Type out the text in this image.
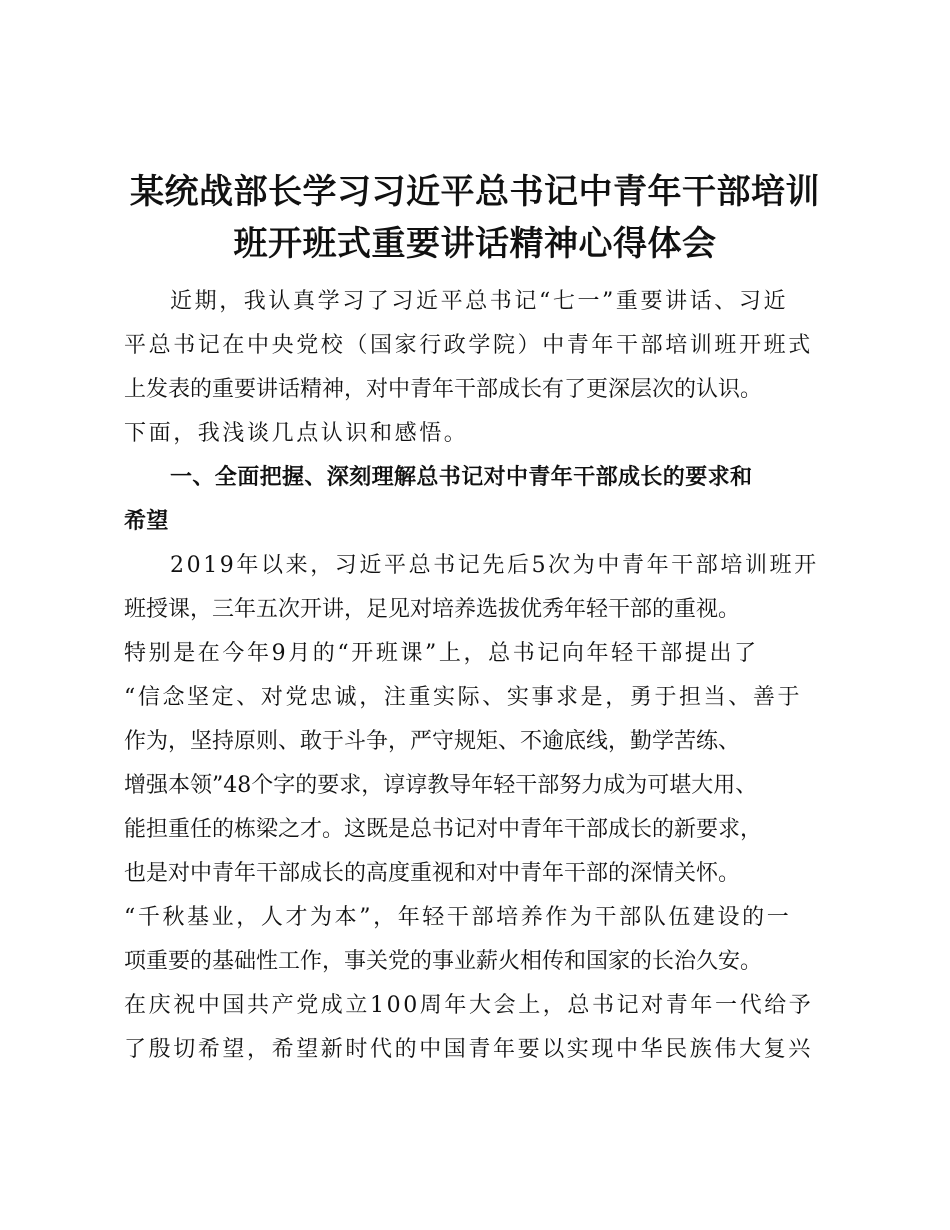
某统战部长学习习近平总书记中青年干部培训
班开班式重要讲话精神心得体会

近期，我认真学习了习近平总书记“七一”重要讲话、习近

平总书记在中央党校（国家行政学院）中青年干部培训班开班式

上发表的重要讲话精神，对中青年干部成长有了更深层次的认识。

下面，我浅谈几点认识和感悟。

一、全面把握、深刻理解总书记对中青年干部成长的要求和

希望

2019年以来，习近平总书记先后5次为中青年干部培训班开

班授课，三年五次开讲，足见对培养选拔优秀年轻干部的重视。

特别是在今年9月的“开班课”上，总书记向年轻干部提出了

“信念坚定、对党忠诚，注重实际、实事求是，勇于担当、善于

作为，坚持原则、敢于斗争，严守规矩、不逾底线，勤学苦练、

增强本领”48个字的要求，谆谆教导年轻干部努力成为可堪大用、

能担重任的栋梁之才。这既是总书记对中青年干部成长的新要求，

也是对中青年干部成长的高度重视和对中青年干部的深情关怀。

“千秋基业，人才为本”，年轻干部培养作为干部队伍建设的一

项重要的基础性工作，事关党的事业薪火相传和国家的长治久安。

在庆祝中国共产党成立100周年大会上，总书记对青年一代给予

了殷切希望，希望新时代的中国青年要以实现中华民族伟大复兴
